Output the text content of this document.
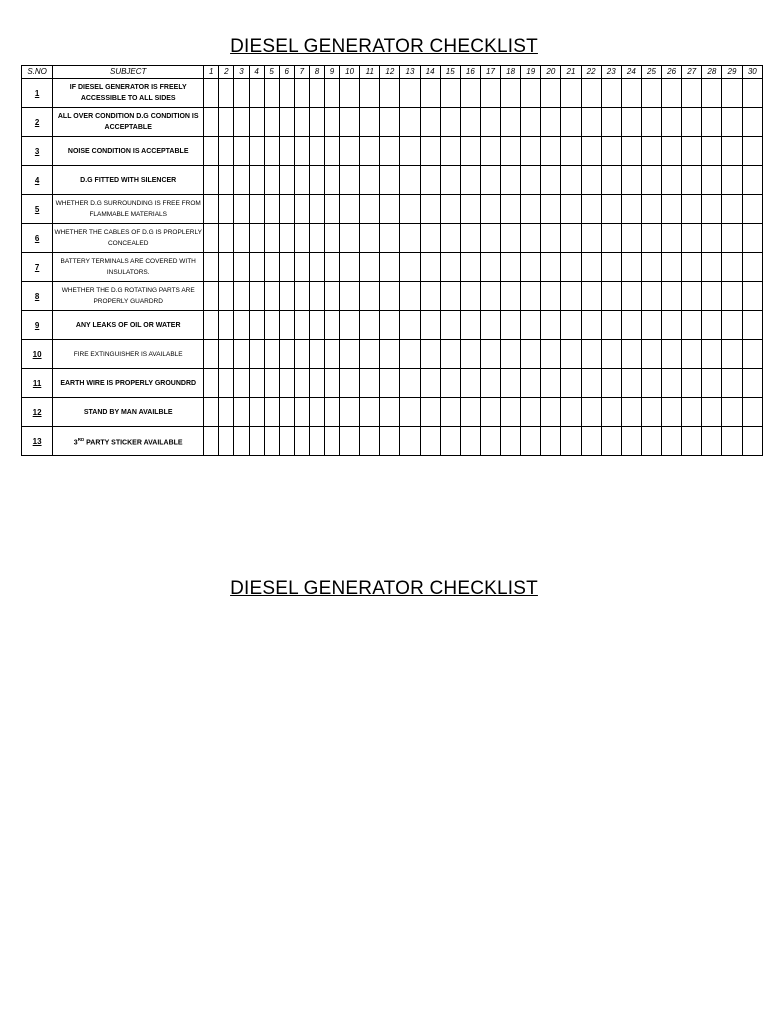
DIESEL GENERATOR CHECKLIST
S.NO	SUBJECT	1	2	3	4	5	6	7	8	9	10	11	12	13	14	15	16	17	18	19	20	21	22	23	24	25	26	27	28	29	30
1	IF DIESEL GENERATOR IS FREELY ACCESSIBLE TO ALL SIDES																														
2	ALL OVER CONDITION D.G CONDITION IS ACCEPTABLE																														
3	NOISE CONDITION IS ACCEPTABLE																														
4	D.G FITTED WITH SILENCER																														
5	WHETHER D.G SURROUNDING IS FREE FROM FLAMMABLE MATERIALS																														
6	WHETHER THE CABLES OF D.G IS PROPLERLY CONCEALED																														
7	BATTERY TERMINALS ARE COVERED WITH INSULATORS.																														
8	WHETHER THE D.G ROTATING PARTS ARE PROPERLY GUARDRD																														
9	ANY LEAKS OF OIL OR WATER																														
10	FIRE EXTINGUISHER IS AVAILABLE																														
11	EARTH WIRE IS PROPERLY GROUNDRD																														
12	STAND BY MAN AVAILBLE																														
13	3RD PARTY STICKER AVAILABLE																														
DIESEL GENERATOR CHECKLIST
